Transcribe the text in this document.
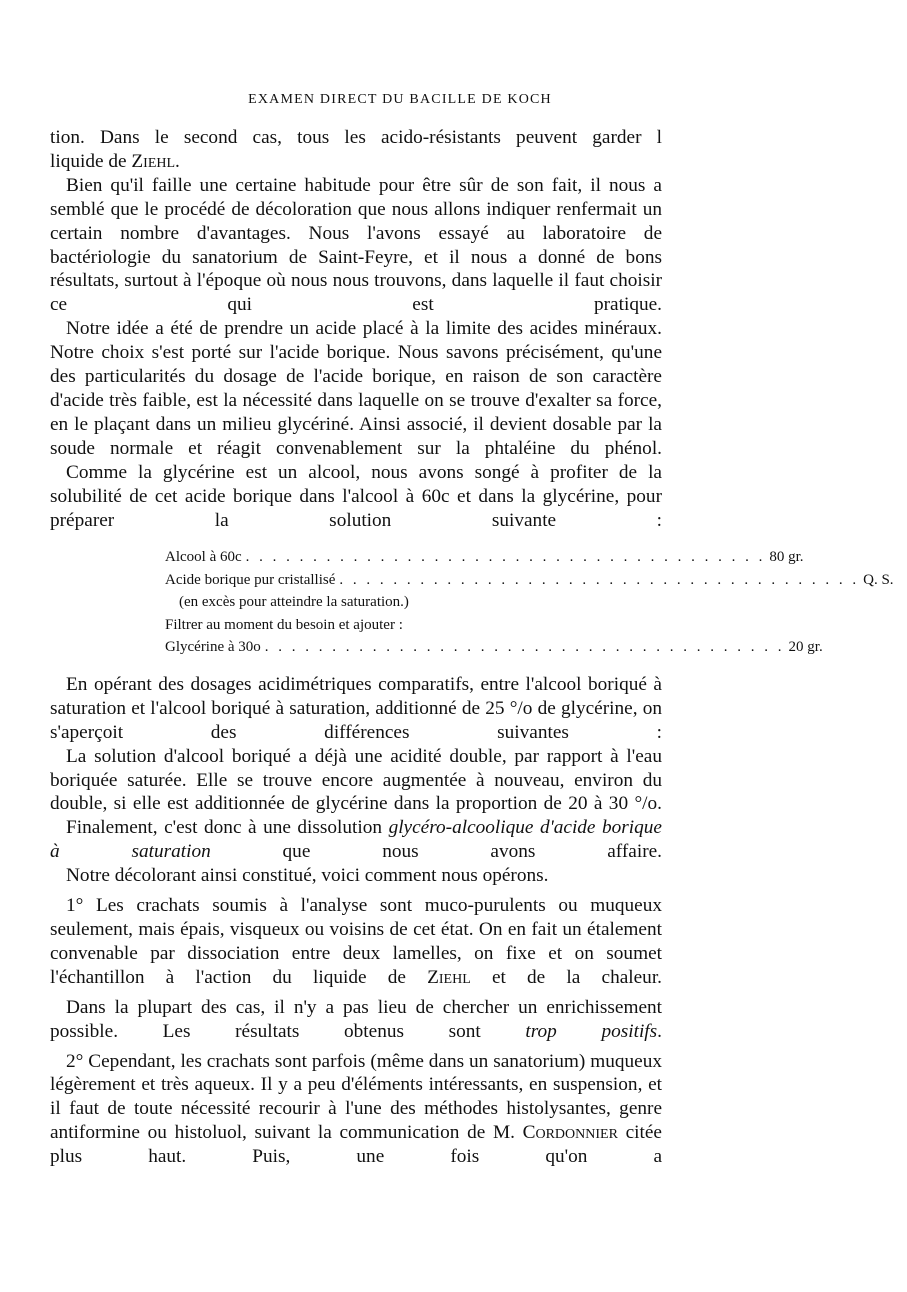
EXAMEN DIRECT DU BACILLE DE KOCH

tion. Dans le second cas, tous les acido-résistants peuvent garder l

liquide de Ziehl.

Bien qu'il faille une certaine habitude pour être sûr de son fait, il nous a semblé que le procédé de décoloration que nous allons indiquer renfermait un certain nombre d'avantages. Nous l'avons essayé au laboratoire de bactériologie du sanatorium de Saint-Feyre, et il nous a donné de bons résultats, surtout à l'époque où nous nous trouvons, dans laquelle il faut choisir ce qui est pratique.

Notre idée a été de prendre un acide placé à la limite des acides minéraux. Notre choix s'est porté sur l'acide borique. Nous savons précisément, qu'une des particularités du dosage de l'acide borique, en raison de son caractère d'acide très faible, est la nécessité dans laquelle on se trouve d'exalter sa force, en le plaçant dans un milieu glycériné. Ainsi associé, il devient dosable par la soude normale et réagit convenablement sur la phtaléine du phénol.

Comme la glycérine est un alcool, nous avons songé à profiter de la solubilité de cet acide borique dans l'alcool à 60c et dans la glycérine, pour préparer la solution suivante :

Alcool à 60c . . . . . . . . . . . . . . . . . . . . . . . . . . . . . . . . . . . . . . . 80 gr.
Acide borique pur cristallisé . . . . . . . . . . . . . . . . . . . . . . . . . . . . . . . . . . . . . . . Q. S.
(en excès pour atteindre la saturation.)
Filtrer au moment du besoin et ajouter :
Glycérine à 30o . . . . . . . . . . . . . . . . . . . . . . . . . . . . . . . . . . . . . . . 20 gr.

En opérant des dosages acidimétriques comparatifs, entre l'alcool boriqué à saturation et l'alcool boriqué à saturation, additionné de 25 °/o de glycérine, on s'aperçoit des différences suivantes :

La solution d'alcool boriqué a déjà une acidité double, par rapport à l'eau boriquée saturée. Elle se trouve encore augmentée à nouveau, environ du double, si elle est additionnée de glycérine dans la proportion de 20 à 30 °/o.

Finalement, c'est donc à une dissolution glycéro-alcoolique d'acide borique à saturation que nous avons affaire.

Notre décolorant ainsi constitué, voici comment nous opérons.

1° Les crachats soumis à l'analyse sont muco-purulents ou muqueux seulement, mais épais, visqueux ou voisins de cet état. On en fait un étalement convenable par dissociation entre deux lamelles, on fixe et on soumet l'échantillon à l'action du liquide de Ziehl et de la chaleur.

Dans la plupart des cas, il n'y a pas lieu de chercher un enrichissement possible. Les résultats obtenus sont trop positifs.

2° Cependant, les crachats sont parfois (même dans un sanatorium) muqueux légèrement et très aqueux. Il y a peu d'éléments intéressants, en suspension, et il faut de toute nécessité recourir à l'une des méthodes histolysantes, genre antiformine ou histoluol, suivant la communication de M. Cordonnier citée plus haut. Puis, une fois qu'on a
